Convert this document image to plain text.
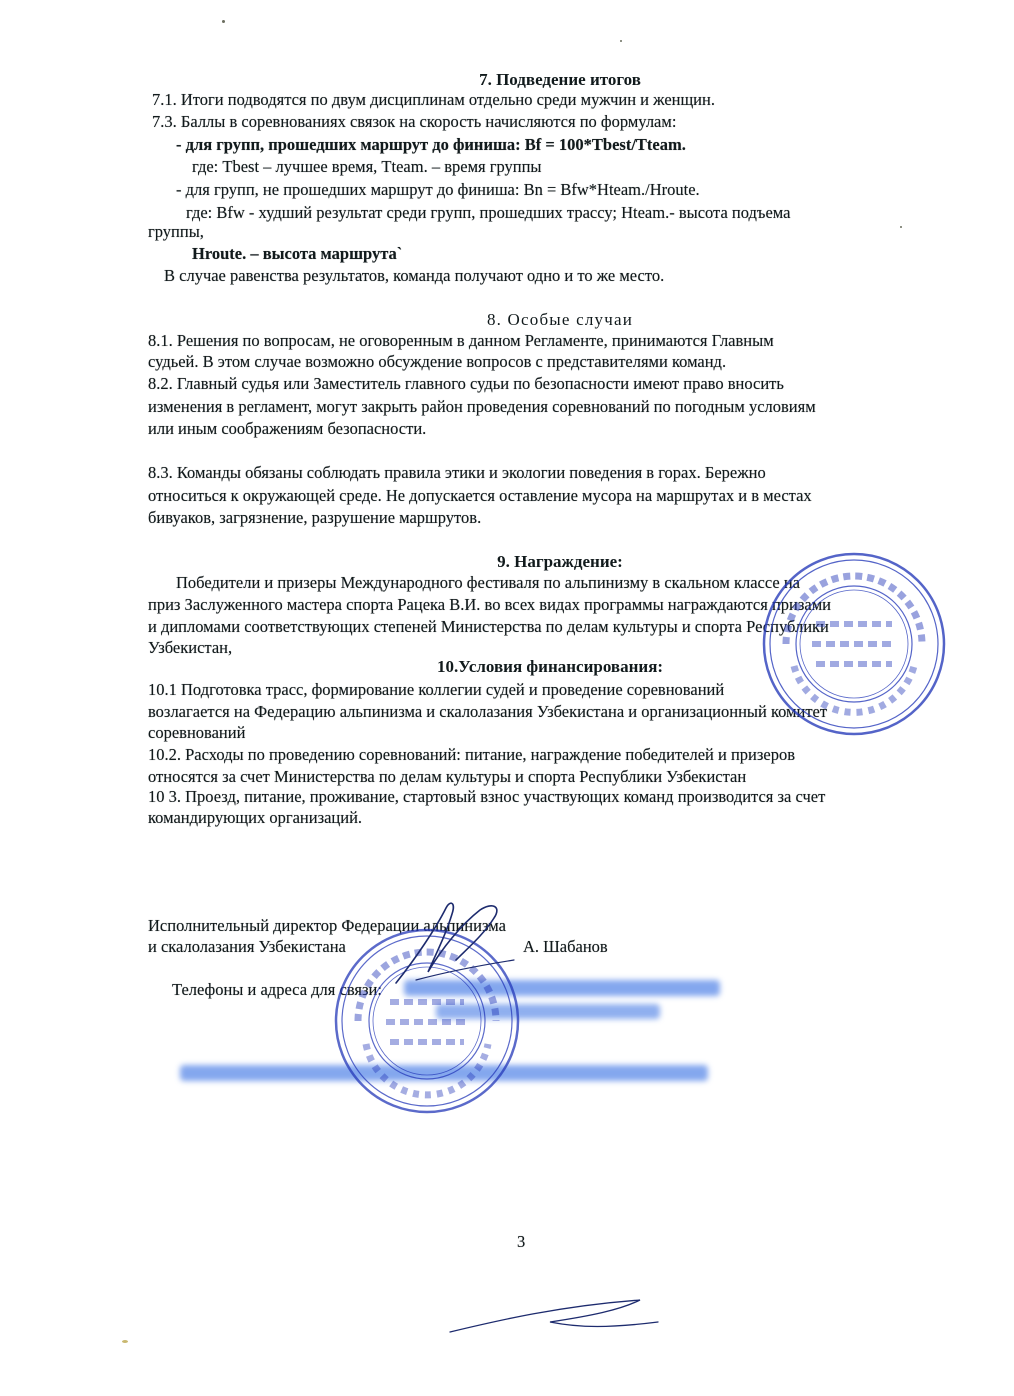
7. Подведение итогов
7.1. Итоги подводятся по двум дисциплинам отдельно среди мужчин и женщин.
7.3. Баллы в соревнованиях связок на скорость начисляются по формулам:
- для групп, прошедших маршрут до финиша: Bf = 100*Tbest/Tteam.
где: Tbest – лучшее время, Tteam. – время группы
- для групп, не прошедших маршрут до финиша: Bn = Bfw*Hteam./Hroute.
где: Bfw - худший результат среди групп, прошедших трассу; Hteam.- высота подъема
группы,
Hroute. – высота маршрута`
В случае равенства результатов, команда получают одно и то же место.
8. Особые случаи
8.1. Решения по вопросам, не оговоренным в данном Регламенте, принимаются Главным
судьей. В этом случае возможно обсуждение вопросов с представителями команд.
8.2. Главный судья или Заместитель главного судьи по безопасности имеют право вносить
изменения в регламент, могут закрыть район проведения соревнований по погодным условиям
или иным соображениям безопасности.
8.3. Команды обязаны соблюдать правила этики и экологии поведения в горах. Бережно
относиться к окружающей среде. Не допускается оставление мусора на маршрутах и в местах
бивуаков, загрязнение, разрушение маршрутов.
9. Награждение:
Победители и призеры Международного фестиваля по альпинизму в скальном классе на
приз Заслуженного мастера спорта Рацека В.И. во всех видах программы награждаются призами
и дипломами соответствующих степеней Министерства по делам культуры и спорта Республики
Узбекистан,
10.Условия финансирования:
10.1 Подготовка трасс, формирование коллегии судей и проведение соревнований
возлагается на Федерацию альпинизма и скалолазания Узбекистана и организационный комитет
соревнований
10.2. Расходы по проведению соревнований: питание, награждение победителей и призеров
относятся за счет Министерства по делам культуры и спорта Республики Узбекистан
10 3. Проезд, питание, проживание, стартовый взнос участвующих команд производится за счет
командирующих организаций.
Исполнительный директор Федерации альпинизма
и скалолазания Узбекистана	А. Шабанов
Телефоны и адреса для связи:
3
